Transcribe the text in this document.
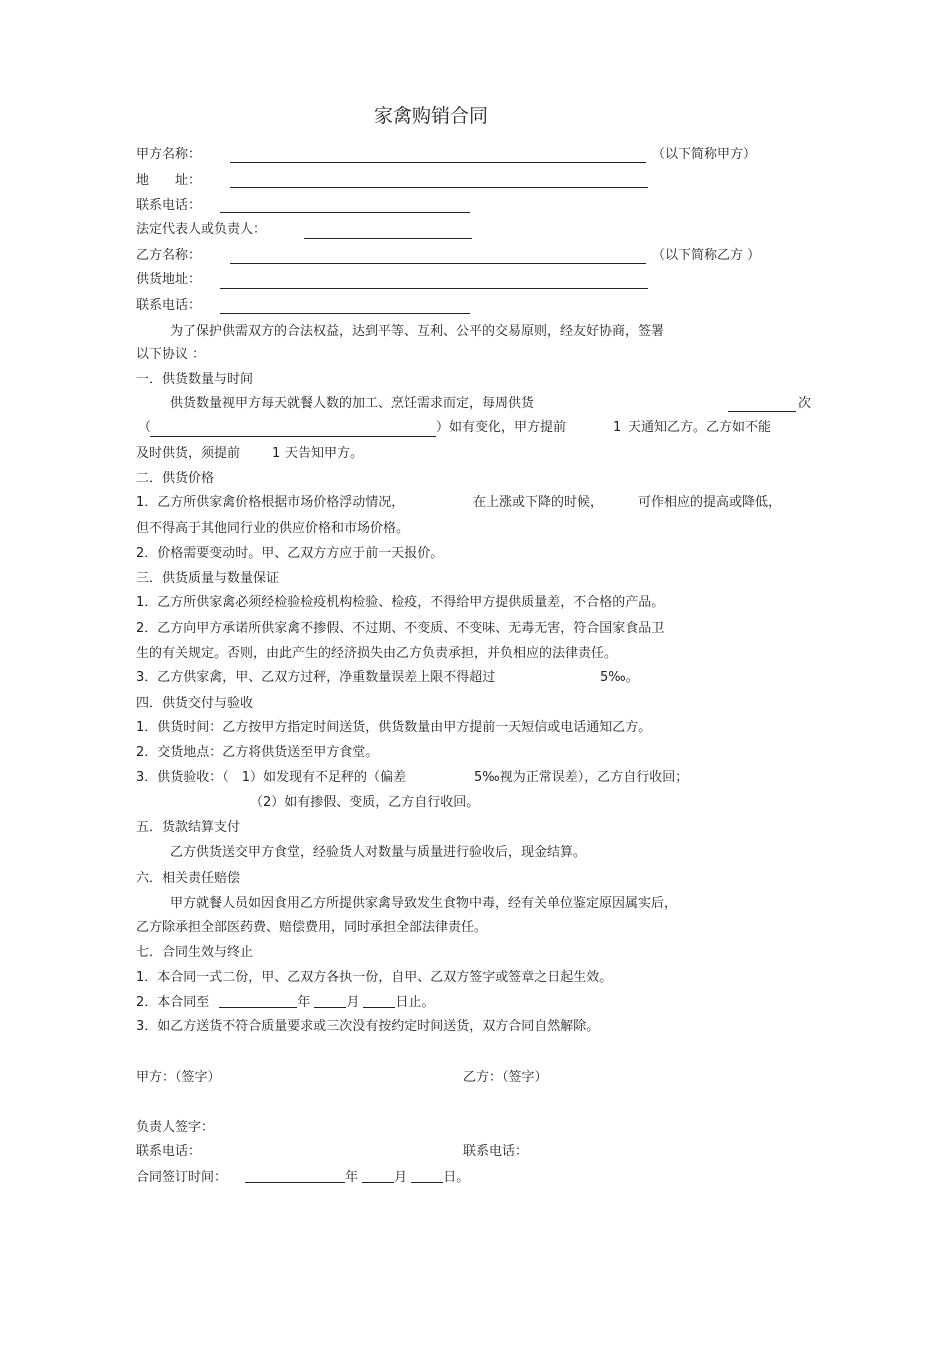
家禽购销合同
甲方名称：	（以下简称甲方）
地　　址：
联系电话：
法定代表人或负责人：
乙方名称：	（以下简称乙方 ）
供货地址：
联系电话：
为了保护供需双方的合法权益，达到平等、互利、公平的交易原则，经友好协商，签署
以下协议 ：
一．供货数量与时间
供货数量视甲方每天就餐人数的加工、烹饪需求而定，每周供货	次
（	）如有变化，甲方提前	1 天通知乙方。乙方如不能
及时供货，须提前 1 天告知甲方。
二．供货价格
1．乙方所供家禽价格根据市场价格浮动情况，	在上涨或下降的时候，	可作相应的提高或降低，
但不得高于其他同行业的供应价格和市场价格。
2．价格需要变动时。甲、乙双方方应于前一天报价。
三．供货质量与数量保证
1．乙方所供家禽必须经检验检疫机构检验、检疫，不得给甲方提供质量差，不合格的产品。
2．乙方向甲方承诺所供家禽不掺假、不过期、不变质、不变味、无毒无害，符合国家食品卫
生的有关规定。否则，由此产生的经济损失由乙方负责承担，并负相应的法律责任。
3．乙方供家禽，甲、乙双方过秤，净重数量误差上限不得超过	5‰。
四．供货交付与验收
1．供货时间：乙方按甲方指定时间送货，供货数量由甲方提前一天短信或电话通知乙方。
2．交货地点：乙方将供货送至甲方食堂。
3．供货验收：（　1）如发现有不足秤的（偏差	5‰视为正常误差），乙方自行收回；
（2）如有掺假、变质，乙方自行收回。
五．货款结算支付
乙方供货送交甲方食堂，经验货人对数量与质量进行验收后，现金结算。
六．相关责任赔偿
甲方就餐人员如因食用乙方所提供家禽导致发生食物中毒，经有关单位鉴定原因属实后，
乙方除承担全部医药费、赔偿费用，同时承担全部法律责任。
七．合同生效与终止
1．本合同一式二份，甲、乙双方各执一份，自甲、乙双方签字或签章之日起生效。
2．本合同至	年	月	日止。
3．如乙方送货不符合质量要求或三次没有按约定时间送货，双方合同自然解除。
甲方：（签字）	乙方：（签字）
负责人签字：
联系电话：	联系电话：
合同签订时间：	年	月	日。
